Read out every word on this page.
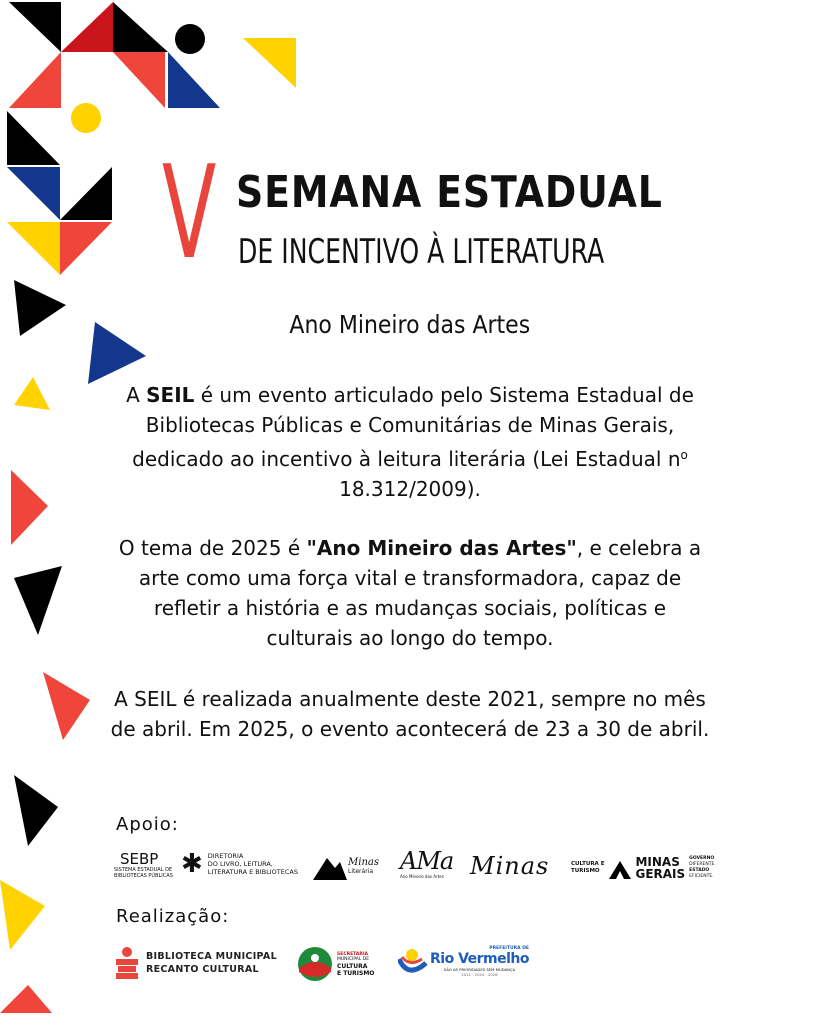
V SEMANA ESTADUAL
DE INCENTIVO À LITERATURA
Ano Mineiro das Artes
A SEIL é um evento articulado pelo Sistema Estadual de Bibliotecas Públicas e Comunitárias de Minas Gerais, dedicado ao incentivo à leitura literária (Lei Estadual $n^o$ 18.312/2009).
O tema de 2025 é "Ano Mineiro das Artes", e celebra a arte como uma força vital e transformadora, capaz de refletir a história e as mudanças sociais, políticas e culturais ao longo do tempo.
A SEIL é realizada anualmente deste 2021, sempre no mês de abril. Em 2025, o evento acontecerá de 23 a 30 de abril.
Apoio:
SEBP
SISTEMA ESTADUAL DE
BIBLIOTECAS PÚBLICAS ✱ DIRETORIA
DO LIVRO, LEITURA,
LITERATURA E BIBLIOTECAS
Minas
Literária AMa
Ano Mineiro das Artes Minas	CULTURA E
TURISMO
MINAS
GERAIS
GOVERNO
DIFERENTE.
ESTADO
EFICIENTE.
Realização:
BIBLIOTECA MUNICIPAL
RECANTO CULTURAL
SECRETARIA
MUNICIPAL DE
CULTURA
E TURISMO
PREFEITURA DE
Rio Vermelho
SÃO AS PRIORIDADES SEM MUDANÇA
2021 · 2024 · 2028
